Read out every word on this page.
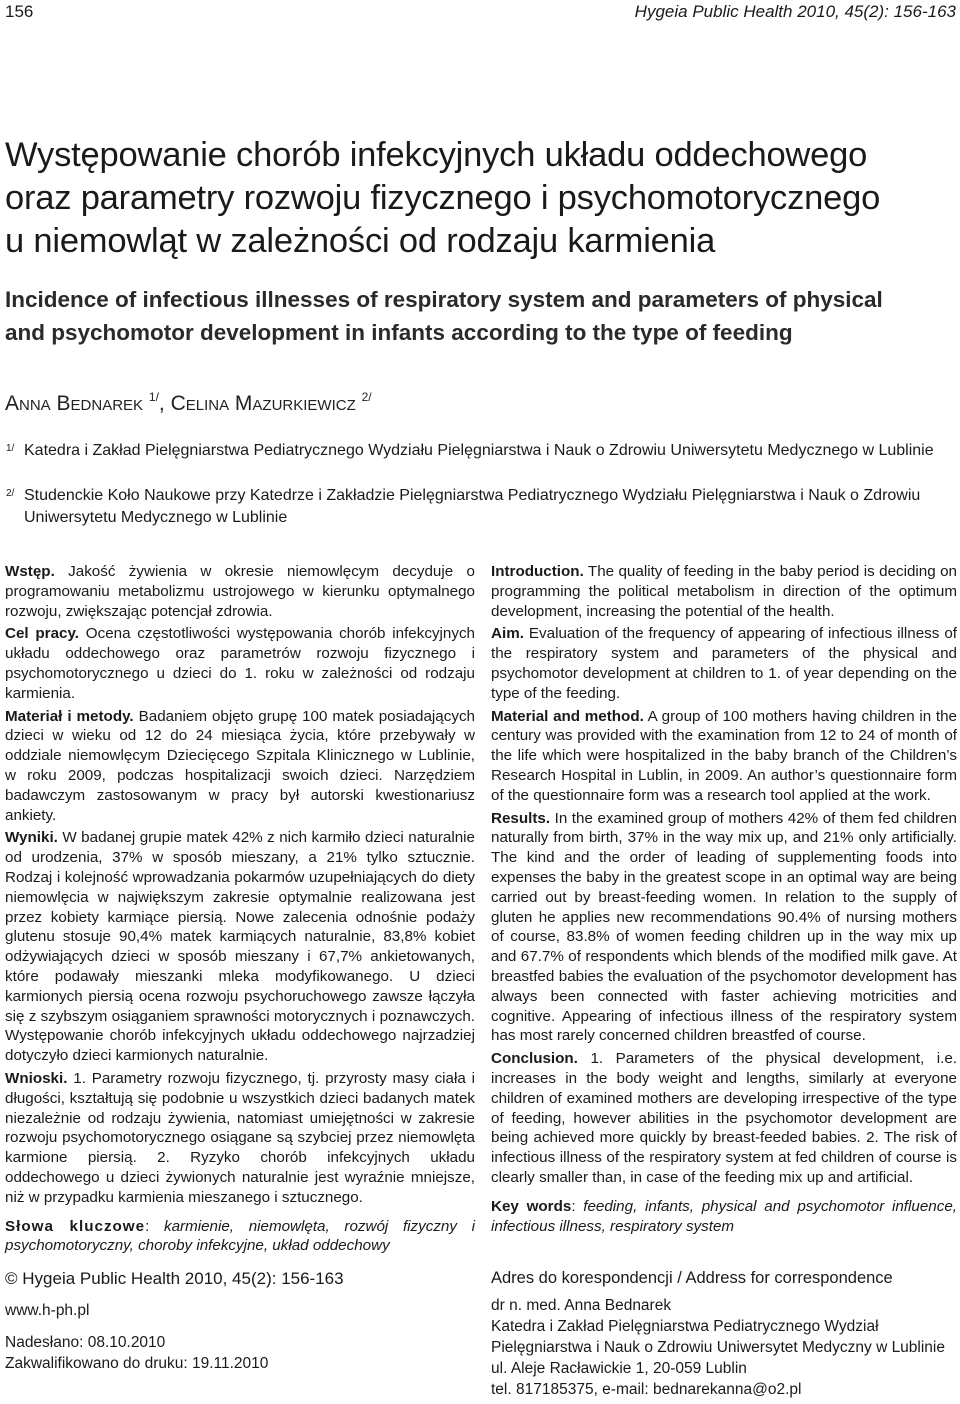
156	Hygeia Public Health 2010, 45(2): 156-163
Występowanie chorób infekcyjnych układu oddechowego
oraz parametry rozwoju fizycznego i psychomotorycznego
u niemowląt w zależności od rodzaju karmienia
Incidence of infectious illnesses of respiratory system and parameters of physical
and psychomotor development in infants according to the type of feeding
Anna Bednarek $^{1/}$, Celina Mazurkiewicz $^{2/}$
1/ Katedra i Zakład Pielęgniarstwa Pediatrycznego Wydziału Pielęgniarstwa i Nauk o Zdrowiu Uniwersytetu Medycznego w Lublinie
2/ Studenckie Koło Naukowe przy Katedrze i Zakładzie Pielęgniarstwa Pediatrycznego Wydziału Pielęgniarstwa i Nauk o Zdrowiu Uniwersytetu Medycznego w Lublinie

Wstęp. Jakość żywienia w okresie niemowlęcym decyduje o programowaniu metabolizmu ustrojowego w kierunku optymalnego rozwoju, zwiększając potencjał zdrowia.

Cel pracy. Ocena częstotliwości występowania chorób infekcyjnych układu oddechowego oraz parametrów rozwoju fizycznego i psychomotorycznego u dzieci do 1. roku w zależności od rodzaju karmienia.

Materiał i metody. Badaniem objęto grupę 100 matek posiadających dzieci w wieku od 12 do 24 miesiąca życia, które przebywały w oddziale niemowlęcym Dziecięcego Szpitala Klinicznego w Lublinie, w roku 2009, podczas hospitalizacji swoich dzieci. Narzędziem badawczym zastosowanym w pracy był autorski kwestionariusz ankiety.

Wyniki. W badanej grupie matek 42% z nich karmiło dzieci naturalnie od urodzenia, 37% w sposób mieszany, a 21% tylko sztucznie. Rodzaj i kolejność wprowadzania pokarmów uzupełniających do diety niemowlęcia w największym zakresie optymalnie realizowana jest przez kobiety karmiące piersią. Nowe zalecenia odnośnie podaży glutenu stosuje 90,4% matek karmiących naturalnie, 83,8% kobiet odżywiających dzieci w sposób mieszany i 67,7% ankietowanych, które podawały mieszanki mleka modyfikowanego. U dzieci karmionych piersią ocena rozwoju psychoruchowego zawsze łączyła się z szybszym osiąganiem sprawności motorycznych i poznawczych. Występowanie chorób infekcyjnych układu oddechowego najrzadziej dotyczyło dzieci karmionych naturalnie.

Wnioski. 1. Parametry rozwoju fizycznego, tj. przyrosty masy ciała i długości, kształtują się podobnie u wszystkich dzieci badanych matek niezależnie od rodzaju żywienia, natomiast umiejętności w zakresie rozwoju psychomotorycznego osiągane są szybciej przez niemowlęta karmione piersią. 2. Ryzyko chorób infekcyjnych układu oddechowego u dzieci żywionych naturalnie jest wyraźnie mniejsze, niż w przypadku karmienia mieszanego i sztucznego.

Słowa kluczowe: karmienie, niemowlęta, rozwój fizyczny i psychomotoryczny, choroby infekcyjne, układ oddechowy

Introduction. The quality of feeding in the baby period is deciding on programming the political metabolism in direction of the optimum development, increasing the potential of the health.

Aim. Evaluation of the frequency of appearing of infectious illness of the respiratory system and parameters of the physical and psychomotor development at children to 1. of year depending on the type of the feeding.

Material and method. A group of 100 mothers having children in the century was provided with the examination from 12 to 24 of month of the life which were hospitalized in the baby branch of the Children’s Research Hospital in Lublin, in 2009. An author’s questionnaire form of the questionnaire form was a research tool applied at the work.

Results. In the examined group of mothers 42% of them fed children naturally from birth, 37% in the way mix up, and 21% only artificially. The kind and the order of leading of supplementing foods into expenses the baby in the greatest scope in an optimal way are being carried out by breast-feeding women. In relation to the supply of gluten he applies new recommendations 90.4% of nursing mothers of course, 83.8% of women feeding children up in the way mix up and 67.7% of respondents which blends of the modified milk gave. At breastfed babies the evaluation of the psychomotor development has always been connected with faster achieving motricities and cognitive. Appearing of infectious illness of the respiratory system has most rarely concerned children breastfed of course.

Conclusion. 1. Parameters of the physical development, i.e. increases in the body weight and lengths, similarly at everyone children of examined mothers are developing irrespective of the type of feeding, however abilities in the psychomotor development are being achieved more quickly by breast-feeded babies. 2. The risk of infectious illness of the respiratory system at fed children of course is clearly smaller than, in case of the feeding mix up and artificial.

Key words: feeding, infants, physical and psychomotor influence, infectious illness, respiratory system

© Hygeia Public Health 2010, 45(2): 156-163
www.h-ph.pl
Nadesłano: 08.10.2010
Zakwalifikowano do druku: 19.11.2010
Adres do korespondencji / Address for correspondence
dr n. med. Anna Bednarek
Katedra i Zakład Pielęgniarstwa Pediatrycznego Wydział
Pielęgniarstwa i Nauk o Zdrowiu Uniwersytet Medyczny w Lublinie
ul. Aleje Racławickie 1, 20-059 Lublin
tel. 817185375, e-mail: bednarekanna@o2.pl
